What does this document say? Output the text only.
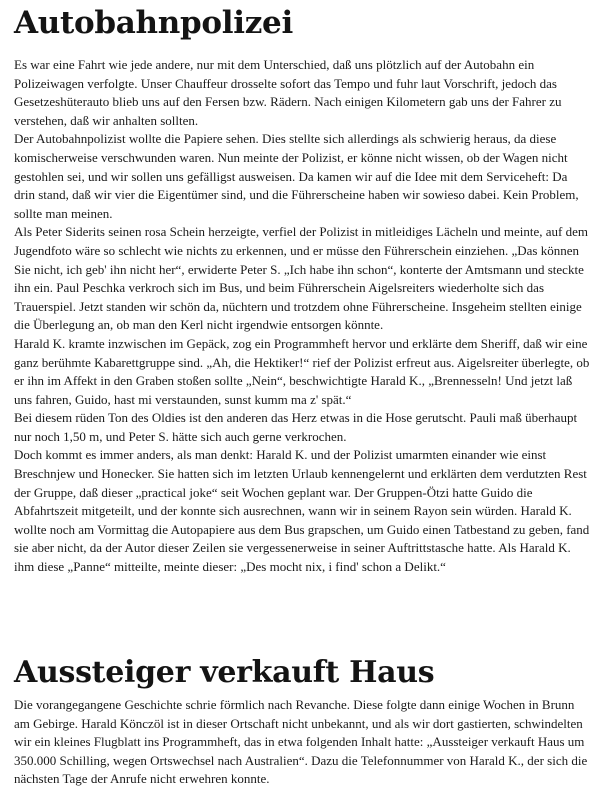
Autobahnpolizei

Es war eine Fahrt wie jede andere, nur mit dem Unterschied, daß uns plötzlich auf der Autobahn ein Polizeiwagen verfolgte. Unser Chauffeur drosselte sofort das Tempo und fuhr laut Vorschrift, jedoch das Gesetzeshüterauto blieb uns auf den Fersen bzw. Rädern. Nach einigen Kilometern gab uns der Fahrer zu verstehen, daß wir anhalten sollten.

Der Autobahnpolizist wollte die Papiere sehen. Dies stellte sich allerdings als schwierig heraus, da diese komischerweise verschwunden waren. Nun meinte der Polizist, er könne nicht wissen, ob der Wagen nicht gestohlen sei, und wir sollen uns gefälligst ausweisen. Da kamen wir auf die Idee mit dem Serviceheft: Da drin stand, daß wir vier die Eigentümer sind, und die Führerscheine haben wir sowieso dabei. Kein Problem, sollte man meinen.

Als Peter Siderits seinen rosa Schein herzeigte, verfiel der Polizist in mitleidiges Lächeln und meinte, auf dem Jugendfoto wäre so schlecht wie nichts zu erkennen, und er müsse den Führerschein einziehen. „Das können Sie nicht, ich geb' ihn nicht her“, erwiderte Peter S. „Ich habe ihn schon“, konterte der Amtsmann und steckte ihn ein. Paul Peschka verkroch sich im Bus, und beim Führerschein Aigelsreiters wiederholte sich das Trauerspiel. Jetzt standen wir schön da, nüchtern und trotzdem ohne Führerscheine. Insgeheim stellten einige die Überlegung an, ob man den Kerl nicht irgendwie entsorgen könnte.

Harald K. kramte inzwischen im Gepäck, zog ein Programmheft hervor und erklärte dem Sheriff, daß wir eine ganz berühmte Kabarettgruppe sind. „Ah, die Hektiker!“ rief der Polizist erfreut aus. Aigelsreiter überlegte, ob er ihn im Affekt in den Graben stoßen sollte „Nein“, beschwichtigte Harald K., „Brennesseln! Und jetzt laß uns fahren, Guido, hast mi verstaunden, sunst kumm ma z' spät.“

Bei diesem rüden Ton des Oldies ist den anderen das Herz etwas in die Hose gerutscht. Pauli maß überhaupt nur noch 1,50 m, und Peter S. hätte sich auch gerne verkrochen.

Doch kommt es immer anders, als man denkt: Harald K. und der Polizist umarmten einander wie einst Breschnjew und Honecker. Sie hatten sich im letzten Urlaub kennengelernt und erklärten dem verdutzten Rest der Gruppe, daß dieser „practical joke“ seit Wochen geplant war. Der Gruppen-Ötzi hatte Guido die Abfahrtszeit mitgeteilt, und der konnte sich ausrechnen, wann wir in seinem Rayon sein würden. Harald K. wollte noch am Vormittag die Autopapiere aus dem Bus grapschen, um Guido einen Tatbestand zu geben, fand sie aber nicht, da der Autor dieser Zeilen sie vergessenerweise in seiner Auftrittstasche hatte. Als Harald K. ihm diese „Panne“ mitteilte, meinte dieser: „Des mocht nix, i find' schon a Delikt.“

Aussteiger verkauft Haus

Die vorangegangene Geschichte schrie förmlich nach Revanche. Diese folgte dann einige Wochen in Brunn am Gebirge. Harald Könczöl ist in dieser Ortschaft nicht unbekannt, und als wir dort gastierten, schwindelten wir ein kleines Flugblatt ins Programmheft, das in etwa folgenden Inhalt hatte: „Aussteiger verkauft Haus um 350.000 Schilling, wegen Ortswechsel nach Australien“. Dazu die Telefonnummer von Harald K., der sich die nächsten Tage der Anrufe nicht erwehren konnte.
